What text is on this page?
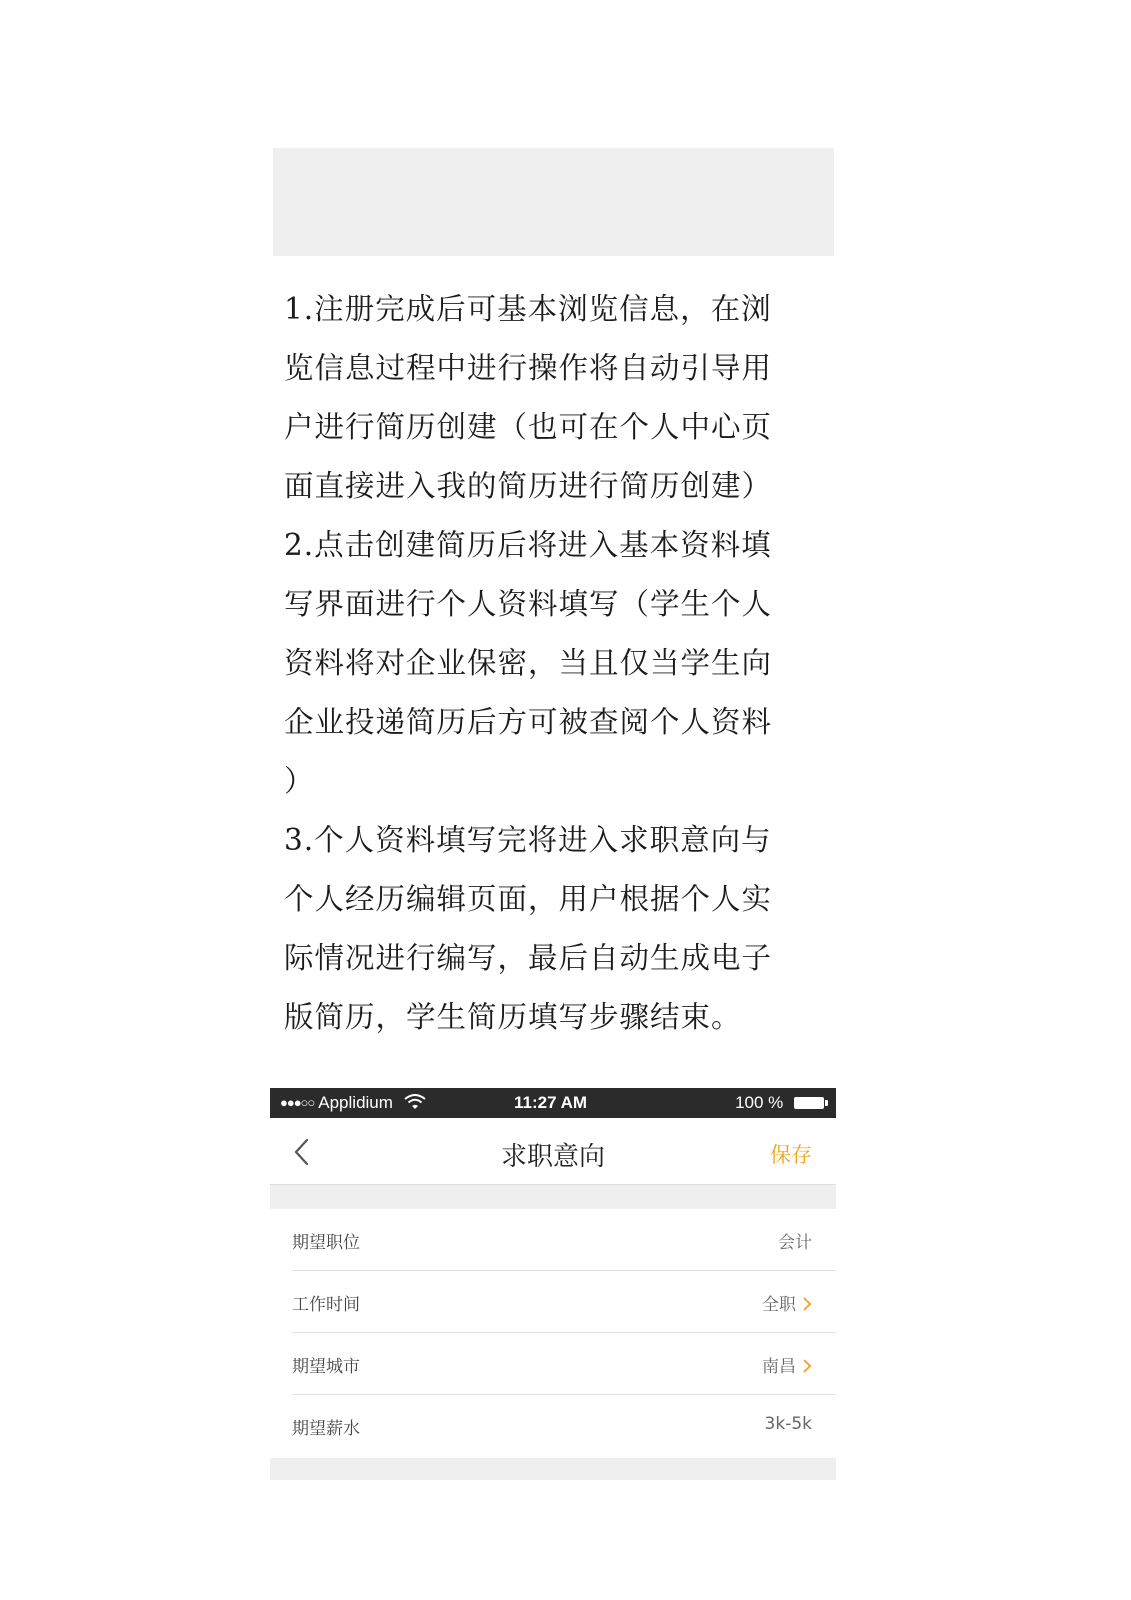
1.注册完成后可基本浏览信息，在浏

览信息过程中进行操作将自动引导用

户进行简历创建（也可在个人中心页

面直接进入我的简历进行简历创建）

2.点击创建简历后将进入基本资料填

写界面进行个人资料填写（学生个人

资料将对企业保密，当且仅当学生向

企业投递简历后方可被查阅个人资料

）

3.个人资料填写完将进入求职意向与

个人经历编辑页面，用户根据个人实

际情况进行编写，最后自动生成电子

版简历，学生简历填写步骤结束。

●●●○○ Applidium	11:27 AM	100 %
求职意向	保存
期望职位	会计
工作时间	全职
期望城市	南昌
期望薪水	3k-5k
